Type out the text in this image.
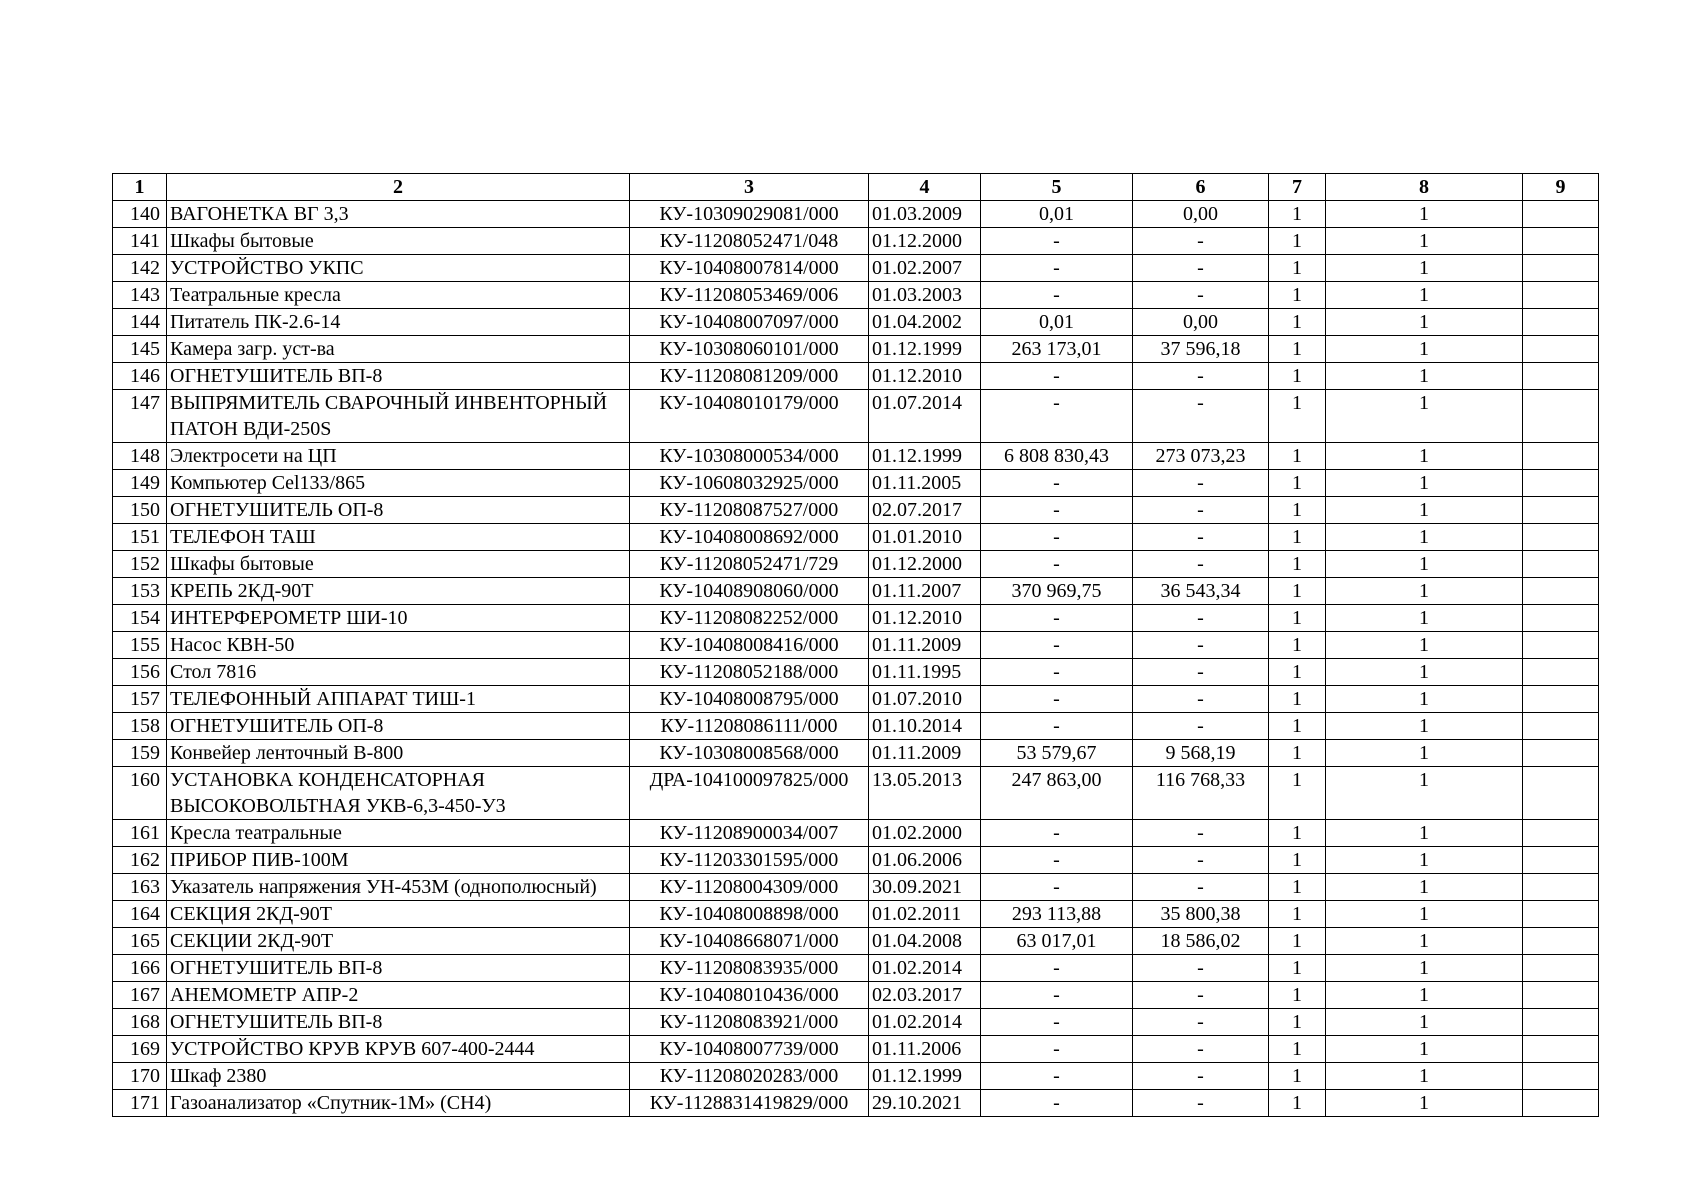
1	2	3	4	5	6	7	8	9
140	ВАГОНЕТКА ВГ 3,3	КУ-10309029081/000	01.03.2009	0,01	0,00	1	1	
141	Шкафы бытовые	КУ-11208052471/048	01.12.2000	-	-	1	1	
142	УСТРОЙСТВО УКПС	КУ-10408007814/000	01.02.2007	-	-	1	1	
143	Театральные кресла	КУ-11208053469/006	01.03.2003	-	-	1	1	
144	Питатель ПК-2.6-14	КУ-10408007097/000	01.04.2002	0,01	0,00	1	1	
145	Камера загр. уст-ва	КУ-10308060101/000	01.12.1999	263 173,01	37 596,18	1	1	
146	ОГНЕТУШИТЕЛЬ ВП-8	КУ-11208081209/000	01.12.2010	-	-	1	1	
147	ВЫПРЯМИТЕЛЬ СВАРОЧНЫЙ ИНВЕНТОРНЫЙ ПАТОН ВДИ-250S	КУ-10408010179/000	01.07.2014	-	-	1	1	
148	Электросети на ЦП	КУ-10308000534/000	01.12.1999	6 808 830,43	273 073,23	1	1	
149	Компьютер Cel133/865	КУ-10608032925/000	01.11.2005	-	-	1	1	
150	ОГНЕТУШИТЕЛЬ ОП-8	КУ-11208087527/000	02.07.2017	-	-	1	1	
151	ТЕЛЕФОН ТАШ	КУ-10408008692/000	01.01.2010	-	-	1	1	
152	Шкафы бытовые	КУ-11208052471/729	01.12.2000	-	-	1	1	
153	КРЕПЬ 2КД-90Т	КУ-10408908060/000	01.11.2007	370 969,75	36 543,34	1	1	
154	ИНТЕРФЕРОМЕТР ШИ-10	КУ-11208082252/000	01.12.2010	-	-	1	1	
155	Насос КВН-50	КУ-10408008416/000	01.11.2009	-	-	1	1	
156	Стол 7816	КУ-11208052188/000	01.11.1995	-	-	1	1	
157	ТЕЛЕФОННЫЙ АППАРАТ ТИШ-1	КУ-10408008795/000	01.07.2010	-	-	1	1	
158	ОГНЕТУШИТЕЛЬ ОП-8	КУ-11208086111/000	01.10.2014	-	-	1	1	
159	Конвейер ленточный В-800	КУ-10308008568/000	01.11.2009	53 579,67	9 568,19	1	1	
160	УСТАНОВКА КОНДЕНСАТОРНАЯ ВЫСОКОВОЛЬТНАЯ УКВ-6,3-450-У3	ДРА-104100097825/000	13.05.2013	247 863,00	116 768,33	1	1	
161	Кресла театральные	КУ-11208900034/007	01.02.2000	-	-	1	1	
162	ПРИБОР ПИВ-100М	КУ-11203301595/000	01.06.2006	-	-	1	1	
163	Указатель напряжения УН-453М (однополюсный)	КУ-11208004309/000	30.09.2021	-	-	1	1	
164	СЕКЦИЯ 2КД-90Т	КУ-10408008898/000	01.02.2011	293 113,88	35 800,38	1	1	
165	СЕКЦИИ 2КД-90Т	КУ-10408668071/000	01.04.2008	63 017,01	18 586,02	1	1	
166	ОГНЕТУШИТЕЛЬ ВП-8	КУ-11208083935/000	01.02.2014	-	-	1	1	
167	АНЕМОМЕТР АПР-2	КУ-10408010436/000	02.03.2017	-	-	1	1	
168	ОГНЕТУШИТЕЛЬ ВП-8	КУ-11208083921/000	01.02.2014	-	-	1	1	
169	УСТРОЙСТВО КРУВ КРУВ 607-400-2444	КУ-10408007739/000	01.11.2006	-	-	1	1	
170	Шкаф 2380	КУ-11208020283/000	01.12.1999	-	-	1	1	
171	Газоанализатор «Спутник-1М» (CH4)	КУ-1128831419829/000	29.10.2021	-	-	1	1	
